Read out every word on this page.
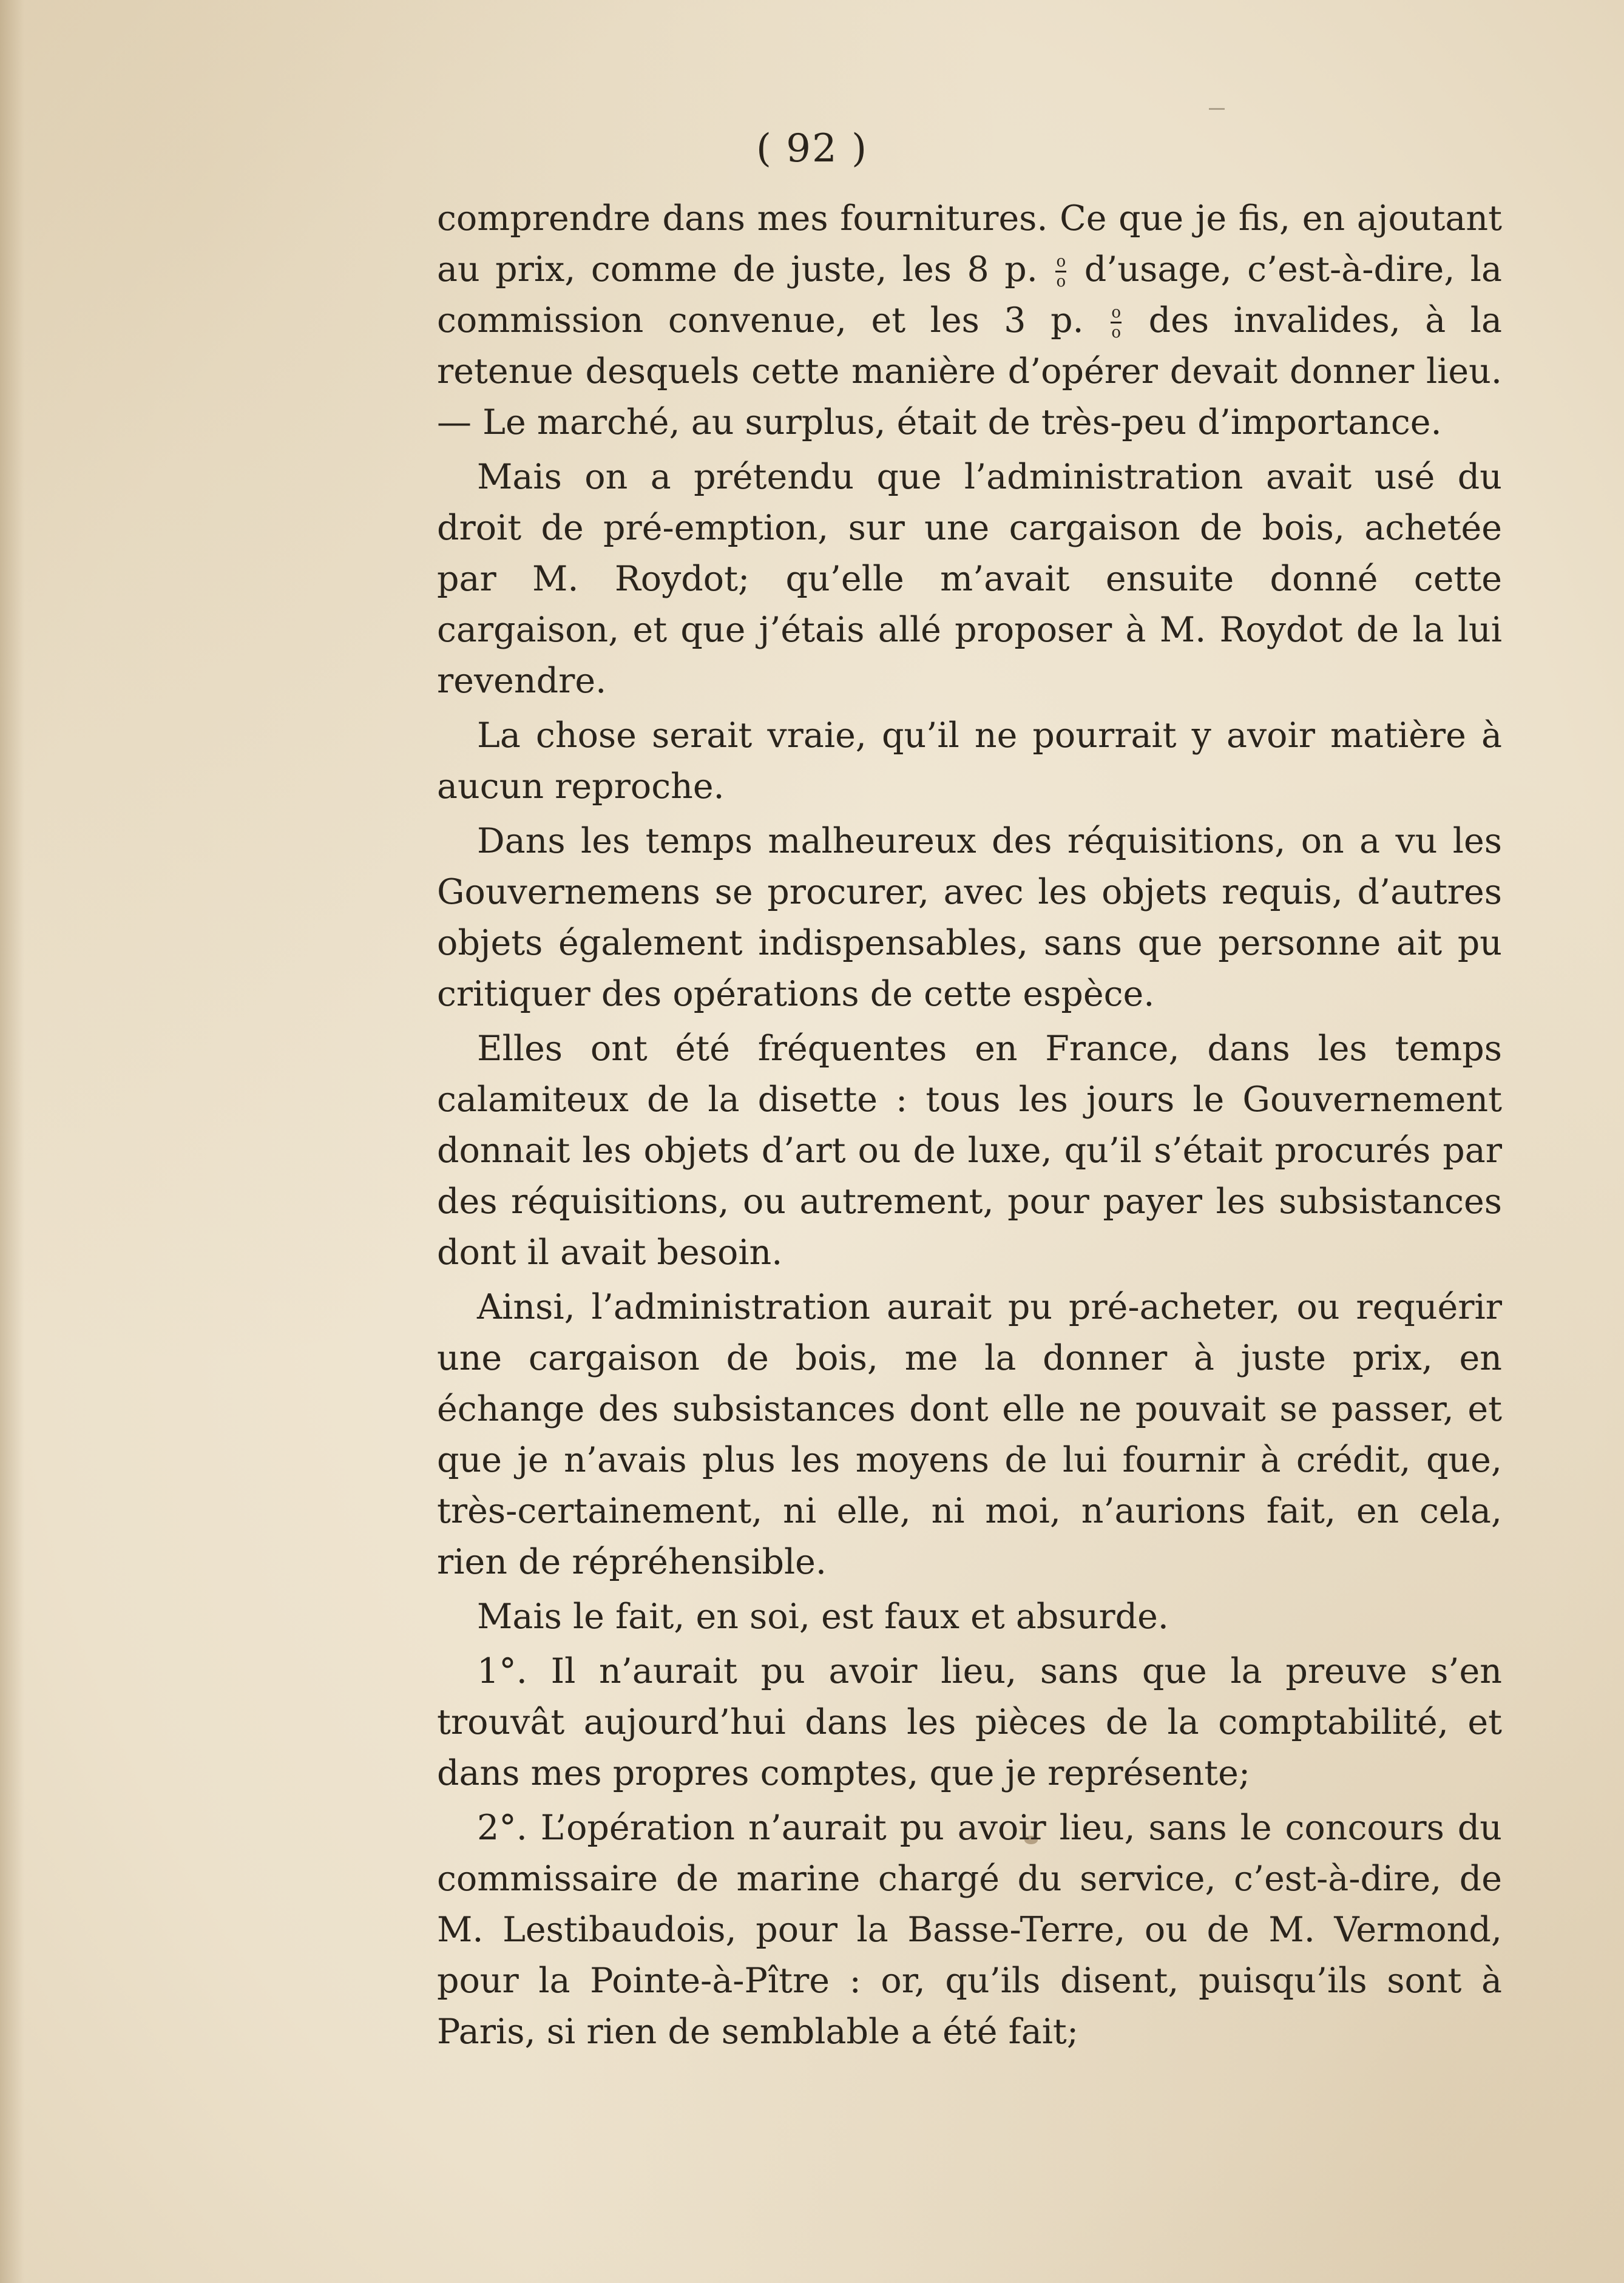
( 92 )

comprendre dans mes fournitures. Ce que je fis, en ajoutant au prix, comme de juste, les 8 p. $\frac{o}{o}$ d’usage, c’est-à-dire, la commission convenue, et les 3 p. $\frac{o}{o}$ des invalides, à la retenue desquels cette manière d’opérer devait donner lieu.— Le marché, au surplus, était de très-peu d’importance.

Mais on a prétendu que l’administration avait usé du droit de pré-emption, sur une cargaison de bois, achetée par M. Roydot; qu’elle m’avait ensuite donné cette cargaison, et que j’étais allé proposer à M. Roydot de la lui revendre.

La chose serait vraie, qu’il ne pourrait y avoir matière à aucun reproche.

Dans les temps malheureux des réquisitions, on a vu les Gouvernemens se procurer, avec les objets requis, d’autres objets également indispensables, sans que personne ait pu critiquer des opérations de cette espèce.

Elles ont été fréquentes en France, dans les temps calamiteux de la disette : tous les jours le Gouvernement donnait les objets d’art ou de luxe, qu’il s’était procurés par des réquisitions, ou autrement, pour payer les subsistances dont il avait besoin.

Ainsi, l’administration aurait pu pré-acheter, ou requérir une cargaison de bois, me la donner à juste prix, en échange des subsistances dont elle ne pouvait se passer, et que je n’avais plus les moyens de lui fournir à crédit, que, très-certainement, ni elle, ni moi, n’aurions fait, en cela, rien de répréhensible.

Mais le fait, en soi, est faux et absurde.

1°. Il n’aurait pu avoir lieu, sans que la preuve s’en trouvât aujourd’hui dans les pièces de la comptabilité, et dans mes propres comptes, que je représente;

2°. L’opération n’aurait pu avoir lieu, sans le concours du commissaire de marine chargé du service, c’est-à-dire, de M. Lestibaudois, pour la Basse-Terre, ou de M. Vermond, pour la Pointe-à-Pître : or, qu’ils disent, puisqu’ils sont à Paris, si rien de semblable a été fait;
